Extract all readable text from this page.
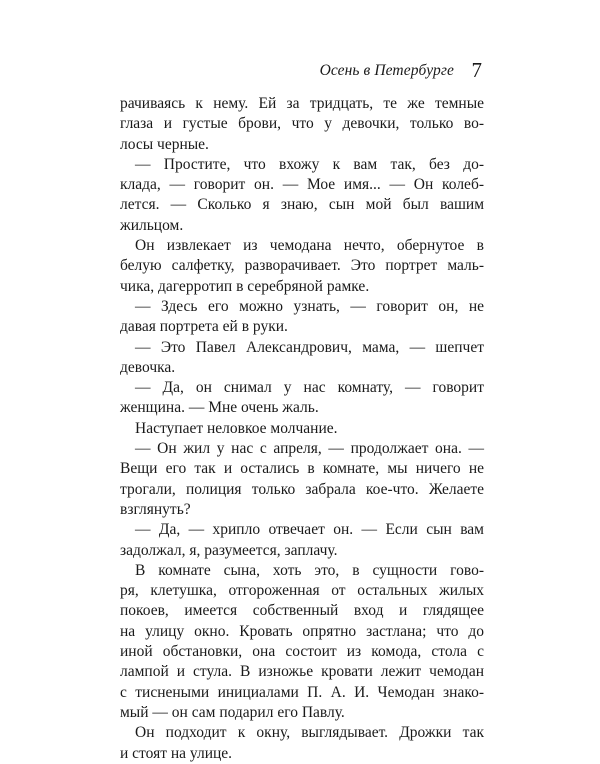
Осень в Петербурге 7
рачиваясь к нему. Ей за тридцать, те же темные
глаза и густые брови, что у девочки, только во-
лосы черные.
— Простите, что вхожу к вам так, без до-
клада, — говорит он. — Мое имя... — Он колеб-
лется. — Сколько я знаю, сын мой был вашим
жильцом.
Он извлекает из чемодана нечто, обернутое в
белую салфетку, разворачивает. Это портрет маль-
чика, дагерротип в серебряной рамке.
— Здесь его можно узнать, — говорит он, не
давая портрета ей в руки.
— Это Павел Александрович, мама, — шепчет
девочка.
— Да, он снимал у нас комнату, — говорит
женщина. — Мне очень жаль.
Наступает неловкое молчание.
— Он жил у нас с апреля, — продолжает она. —
Вещи его так и остались в комнате, мы ничего не
трогали, полиция только забрала кое-что. Желаете
взглянуть?
— Да, — хрипло отвечает он. — Если сын вам
задолжал, я, разумеется, заплачу.
В комнате сына, хоть это, в сущности гово-
ря, клетушка, отгороженная от остальных жилых
покоев, имеется собственный вход и глядящее
на улицу окно. Кровать опрятно застлана; что до
иной обстановки, она состоит из комода, стола с
лампой и стула. В изножье кровати лежит чемодан
с тиснеными инициалами П. А. И. Чемодан знако-
мый — он сам подарил его Павлу.
Он подходит к окну, выглядывает. Дрожки так
и стоят на улице.
